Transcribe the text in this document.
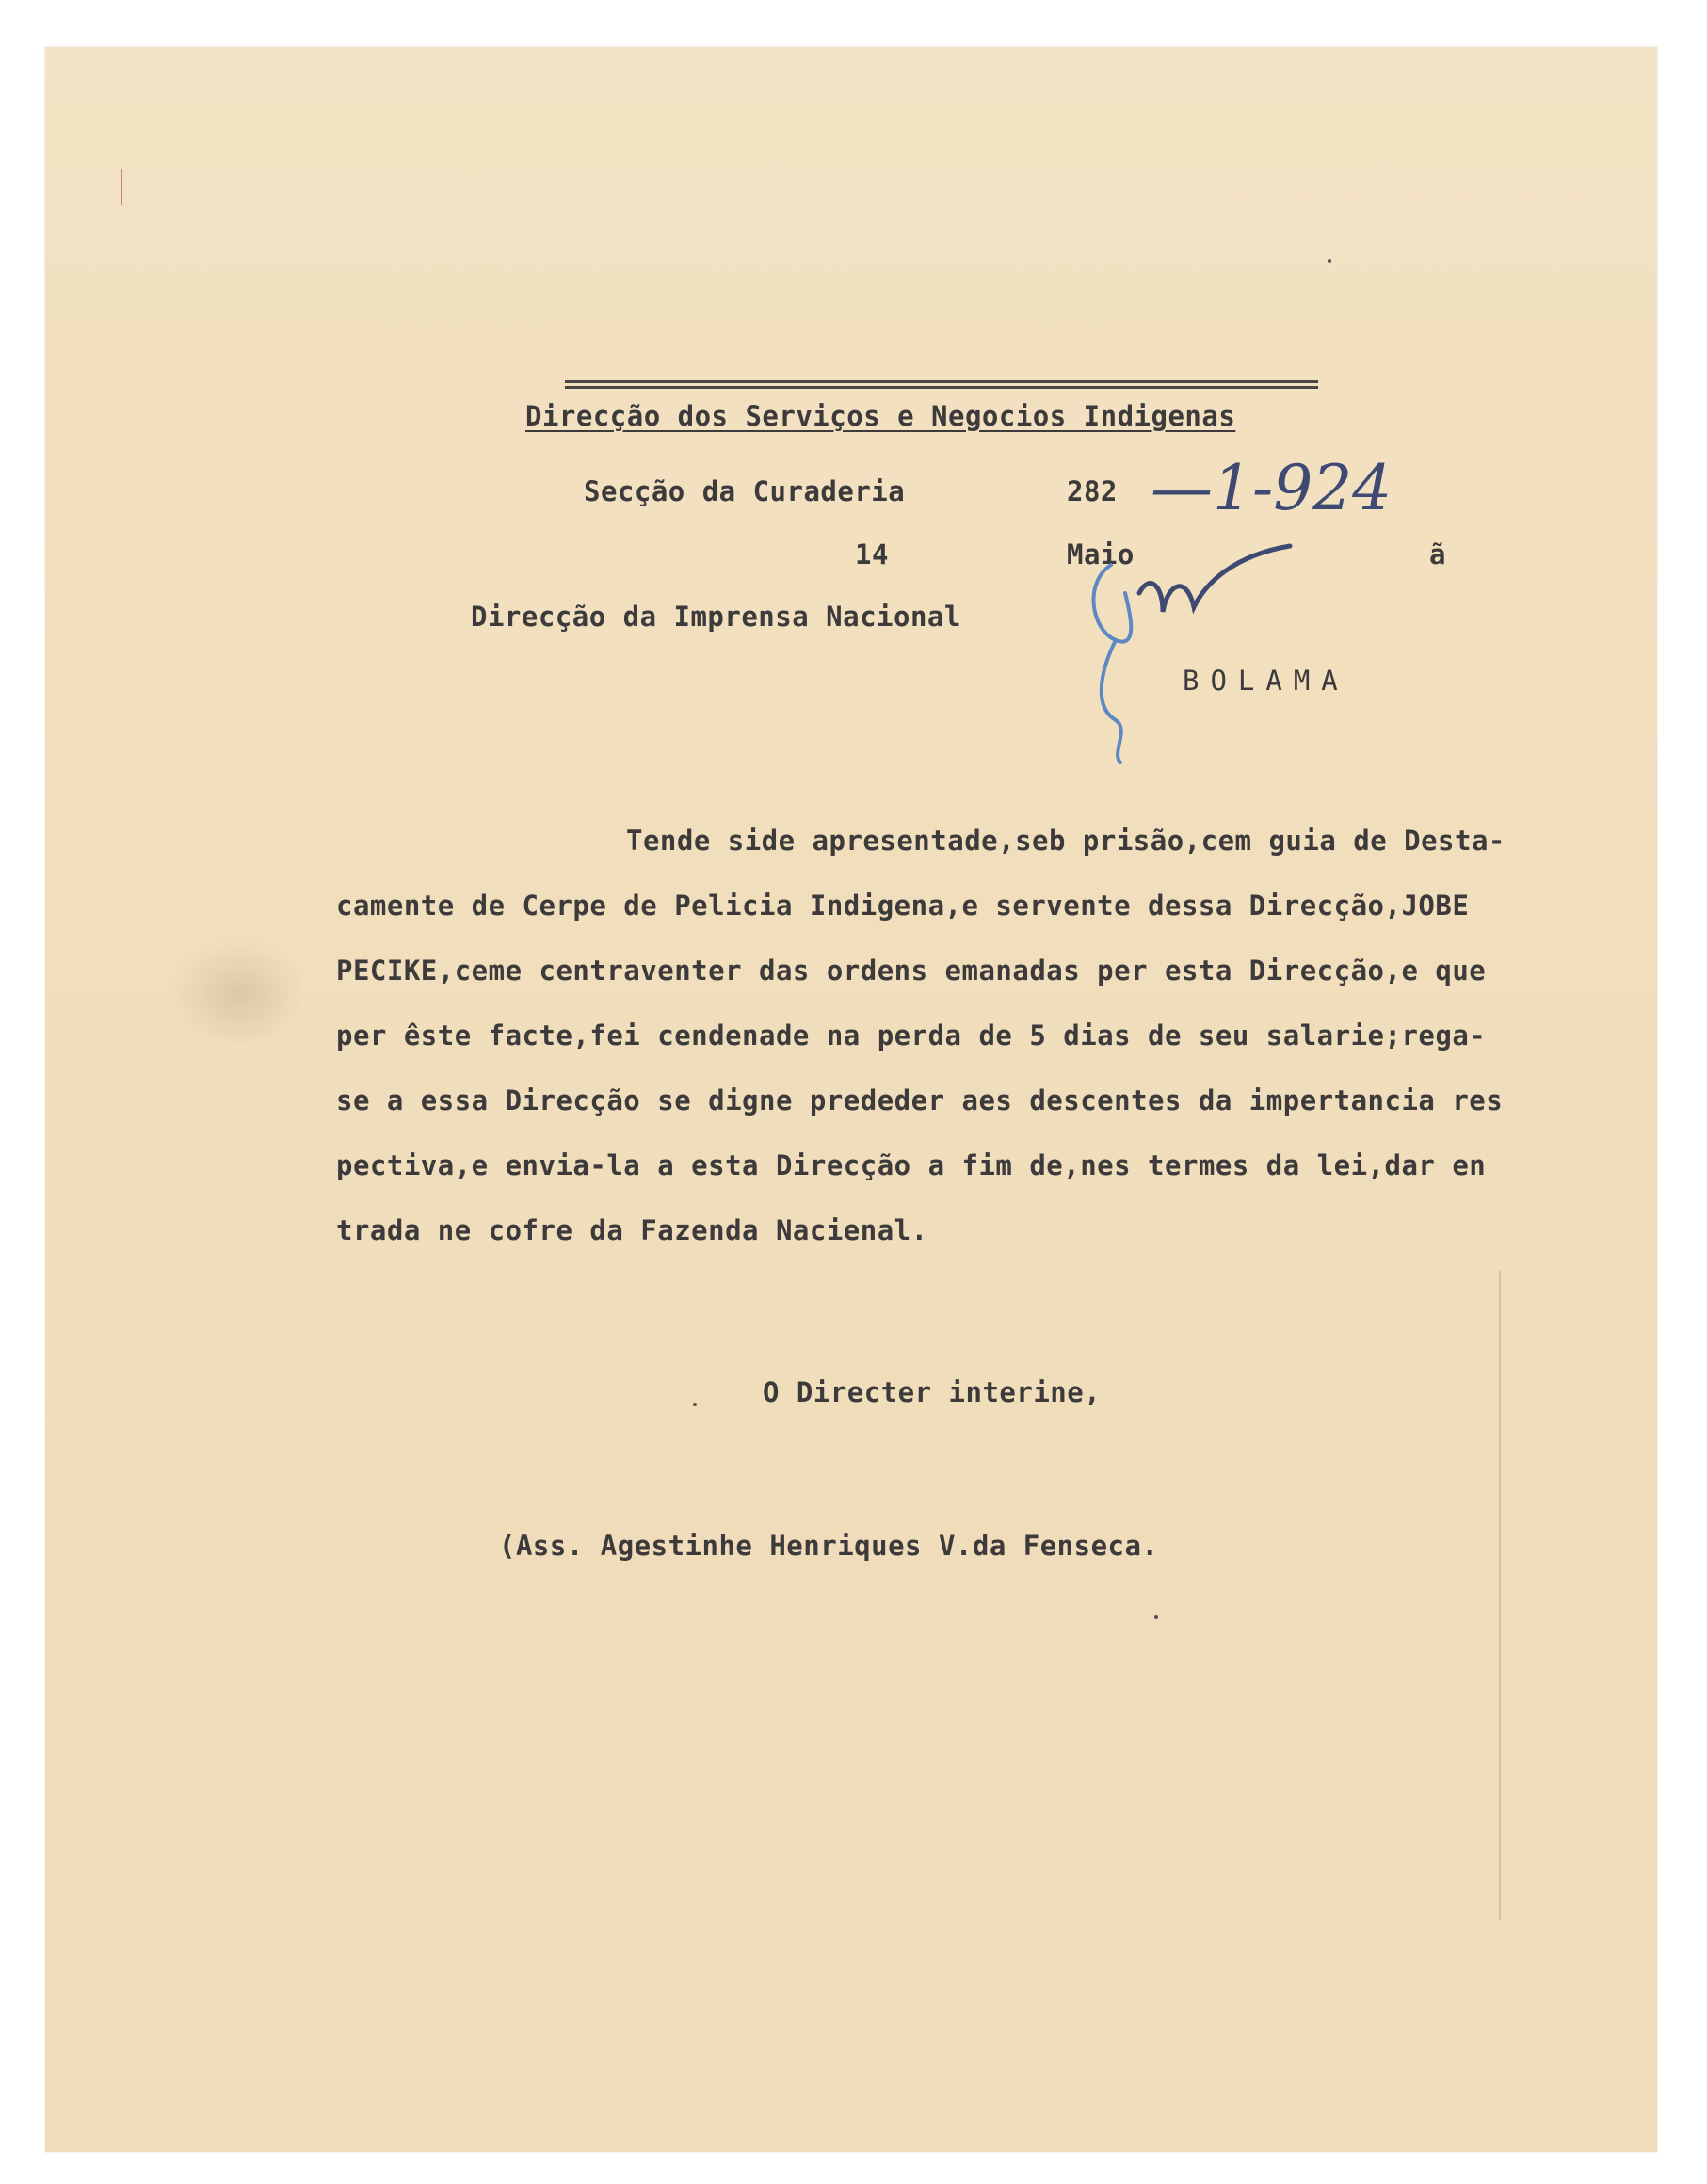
Direcção dos Serviços e Negocios Indigenas
Secção da Curaderia	282 —1-924
14	Maio	ã
Direcção da Imprensa Nacional
BOLAMA
Tende side apresentade,seb prisão,cem guia de Desta-
camente de Cerpe de Pelicia Indigena,e servente dessa Direcção,JOBE
PECIKE,ceme centraventer das ordens emanadas per esta Direcção,e que
per êste facte,fei cendenade na perda de 5 dias de seu salarie;rega-
se a essa Direcção se digne prededer aes descentes da impertancia res
pectiva,e envia-la a esta Direcção a fim de,nes termes da lei,dar en
trada ne cofre da Fazenda Nacienal.
O Directer interine,
(Ass. Agestinhe Henriques V.da Fenseca.
